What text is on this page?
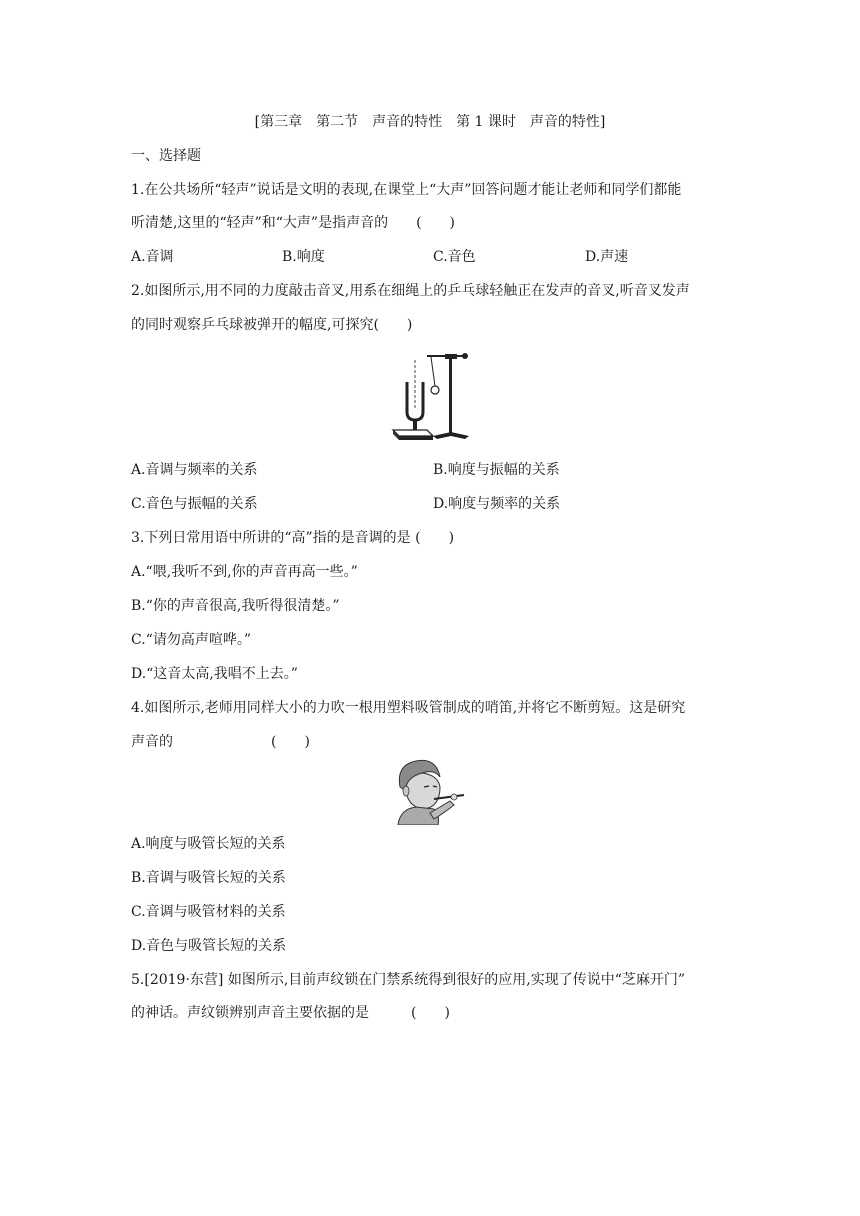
[第三章　第二节　声音的特性　第 1 课时　声音的特性]
一、选择题
1.在公共场所“轻声”说话是文明的表现,在课堂上“大声”回答问题才能让老师和同学们都能
听清楚,这里的“轻声”和“大声”是指声音的　　(　　)
A.音调	B.响度	C.音色	D.声速
2.如图所示,用不同的力度敲击音叉,用系在细绳上的乒乓球轻触正在发声的音叉,听音叉发声
的同时观察乒乓球被弹开的幅度,可探究(　　)
A.音调与频率的关系	B.响度与振幅的关系
C.音色与振幅的关系	D.响度与频率的关系
3.下列日常用语中所讲的“高”指的是音调的是 (　　)
A.“喂,我听不到,你的声音再高一些。”
B.“你的声音很高,我听得很清楚。”
C.“请勿高声喧哗。”
D.“这音太高,我唱不上去。”
4.如图所示,老师用同样大小的力吹一根用塑料吸管制成的哨笛,并将它不断剪短。这是研究
声音的　　　　　　　(　　)
A.响度与吸管长短的关系
B.音调与吸管长短的关系
C.音调与吸管材料的关系
D.音色与吸管长短的关系
5.[2019·东营] 如图所示,目前声纹锁在门禁系统得到很好的应用,实现了传说中“芝麻开门”
的神话。声纹锁辨别声音主要依据的是　　　(　　)
